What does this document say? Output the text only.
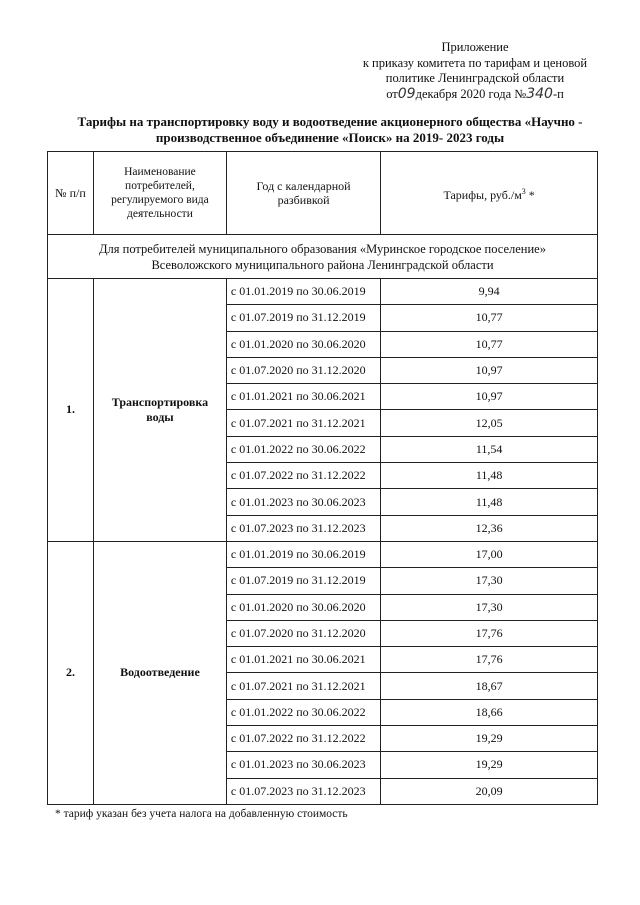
Приложение
к приказу комитета по тарифам и ценовой
политике Ленинградской области
от09декабря 2020 года №340-п
Тарифы на транспортировку воду и водоотведение акционерного общества «Научно -
производственное объединение «Поиск» на 2019- 2023 годы
№ п/п	Наименование потребителей, регулируемого вида деятельности	Год с календарной разбивкой	Тарифы, $руб./м^3$ *

Для потребителей муниципального образования «Муринское городское поселение»
Всеволожского муниципального района Ленинградской области			

1.	Транспортировка воды	с 01.01.2019 по 30.06.2019	9,94
		с 01.07.2019 по 31.12.2019	10,77
		с 01.01.2020 по 30.06.2020	10,77
		с 01.07.2020 по 31.12.2020	10,97
		с 01.01.2021 по 30.06.2021	10,97
		с 01.07.2021 по 31.12.2021	12,05
		с 01.01.2022 по 30.06.2022	11,54
		с 01.07.2022 по 31.12.2022	11,48
		с 01.01.2023 по 30.06.2023	11,48
		с 01.07.2023 по 31.12.2023	12,36
2.	Водоотведение	с 01.01.2019 по 30.06.2019	17,00
		с 01.07.2019 по 31.12.2019	17,30
		с 01.01.2020 по 30.06.2020	17,30
		с 01.07.2020 по 31.12.2020	17,76
		с 01.01.2021 по 30.06.2021	17,76
		с 01.07.2021 по 31.12.2021	18,67
		с 01.01.2022 по 30.06.2022	18,66
		с 01.07.2022 по 31.12.2022	19,29
		с 01.01.2023 по 30.06.2023	19,29
		с 01.07.2023 по 31.12.2023	20,09
* тариф указан без учета налога на добавленную стоимость
